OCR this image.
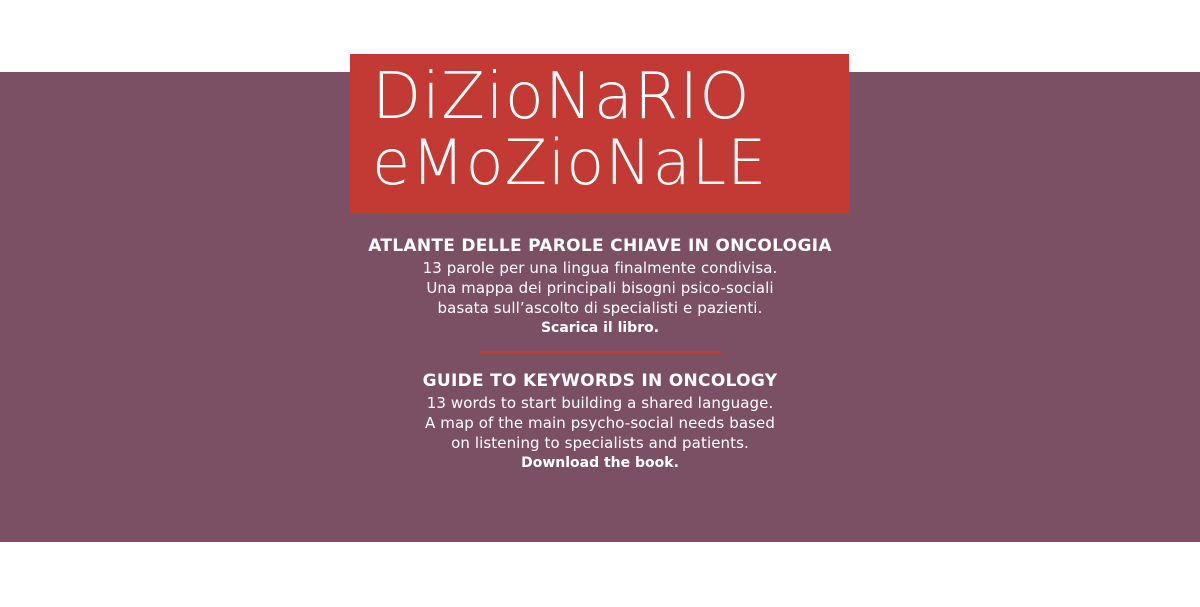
DiZioNaRIO
eMoZioNaLE
ATLANTE DELLE PAROLE CHIAVE IN ONCOLOGIA

13 parole per una lingua finalmente condivisa.

Una mappa dei principali bisogni psico-sociali

basata sull’ascolto di specialisti e pazienti.

Scarica il libro.
GUIDE TO KEYWORDS IN ONCOLOGY

13 words to start building a shared language.

A map of the main psycho-social needs based

on listening to specialists and patients.

Download the book.
